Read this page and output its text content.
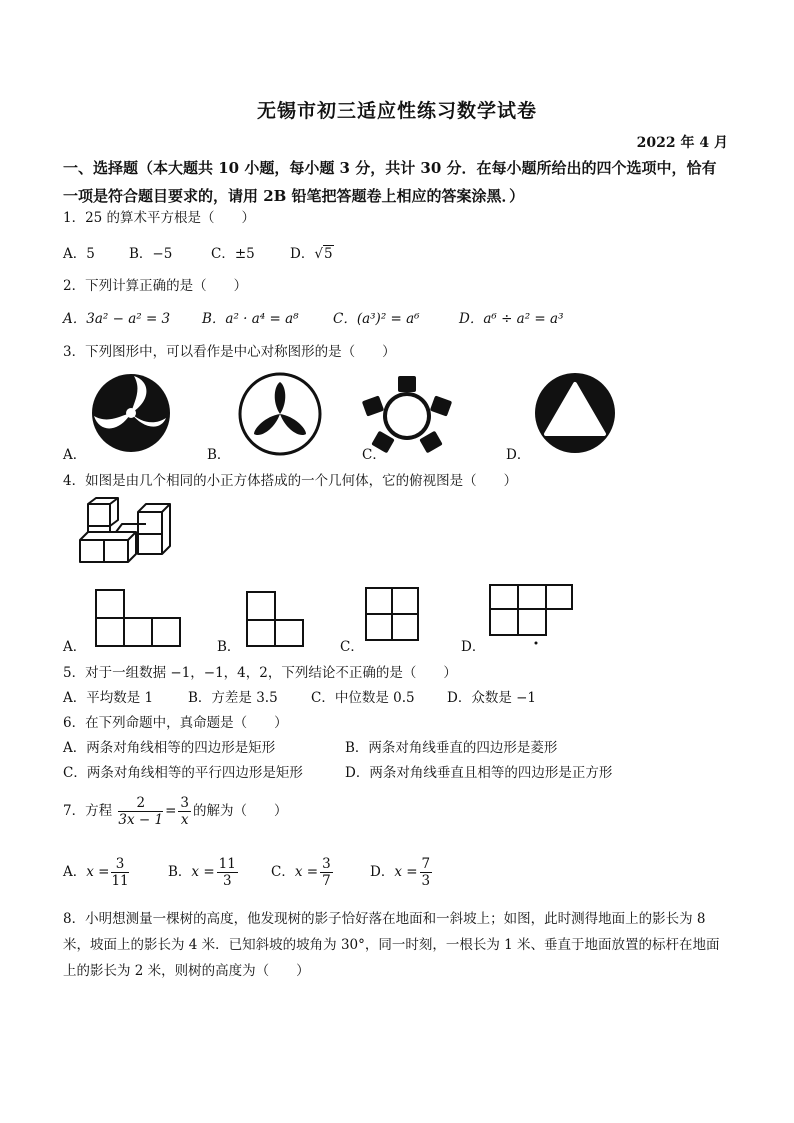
无锡市初三适应性练习数学试卷
2022 年 4 月
一、选择题（本大题共 10 小题，每小题 3 分，共计 30 分．在每小题所给出的四个选项中，恰有一项是符合题目要求的，请用 2B 铅笔把答题卷上相应的答案涂黑．）
1．25 的算术平方根是（　　）
A．5	B．−5	C．±5	D．√5
2．下列计算正确的是（　　）
A．3a² − a² = 3 B．a² · a⁴ = a⁸	C．(a³)² = a⁶	D．a⁶ ÷ a² = a³
3．下列图形中，可以看作是中心对称图形的是（　　）
A．	B．	C．	D．
4．如图是由几个相同的小正方体搭成的一个几何体，它的俯视图是（　　）
A．	B．	C．	D．
5．对于一组数据 −1，−1，4，2，下列结论不正确的是（　　）
A．平均数是 1	B．方差是 3.5 C．中位数是 0.5 D．众数是 −1
6．在下列命题中，真命题是（　　）
A．两条对角线相等的四边形是矩形	B．两条对角线垂直的四边形是菱形
C．两条对角线相等的平行四边形是矩形	D．两条对角线垂直且相等的四边形是正方形
7．方程 $\frac{2}{3x - 1} = \frac{3}{x}$ 的解为（　　）
A．$x = \frac{3}{11}$	B．$x = \frac{11}{3}$ C．$x = \frac{3}{7}$	D．$x = \frac{7}{3}$
8．小明想测量一棵树的高度，他发现树的影子恰好落在地面和一斜坡上；如图，此时测得地面上的影长为 8 米，坡面上的影长为 4 米．已知斜坡的坡角为 30°，同一时刻，一根长为 1 米、垂直于地面放置的标杆在地面上的影长为 2 米，则树的高度为（　　）
